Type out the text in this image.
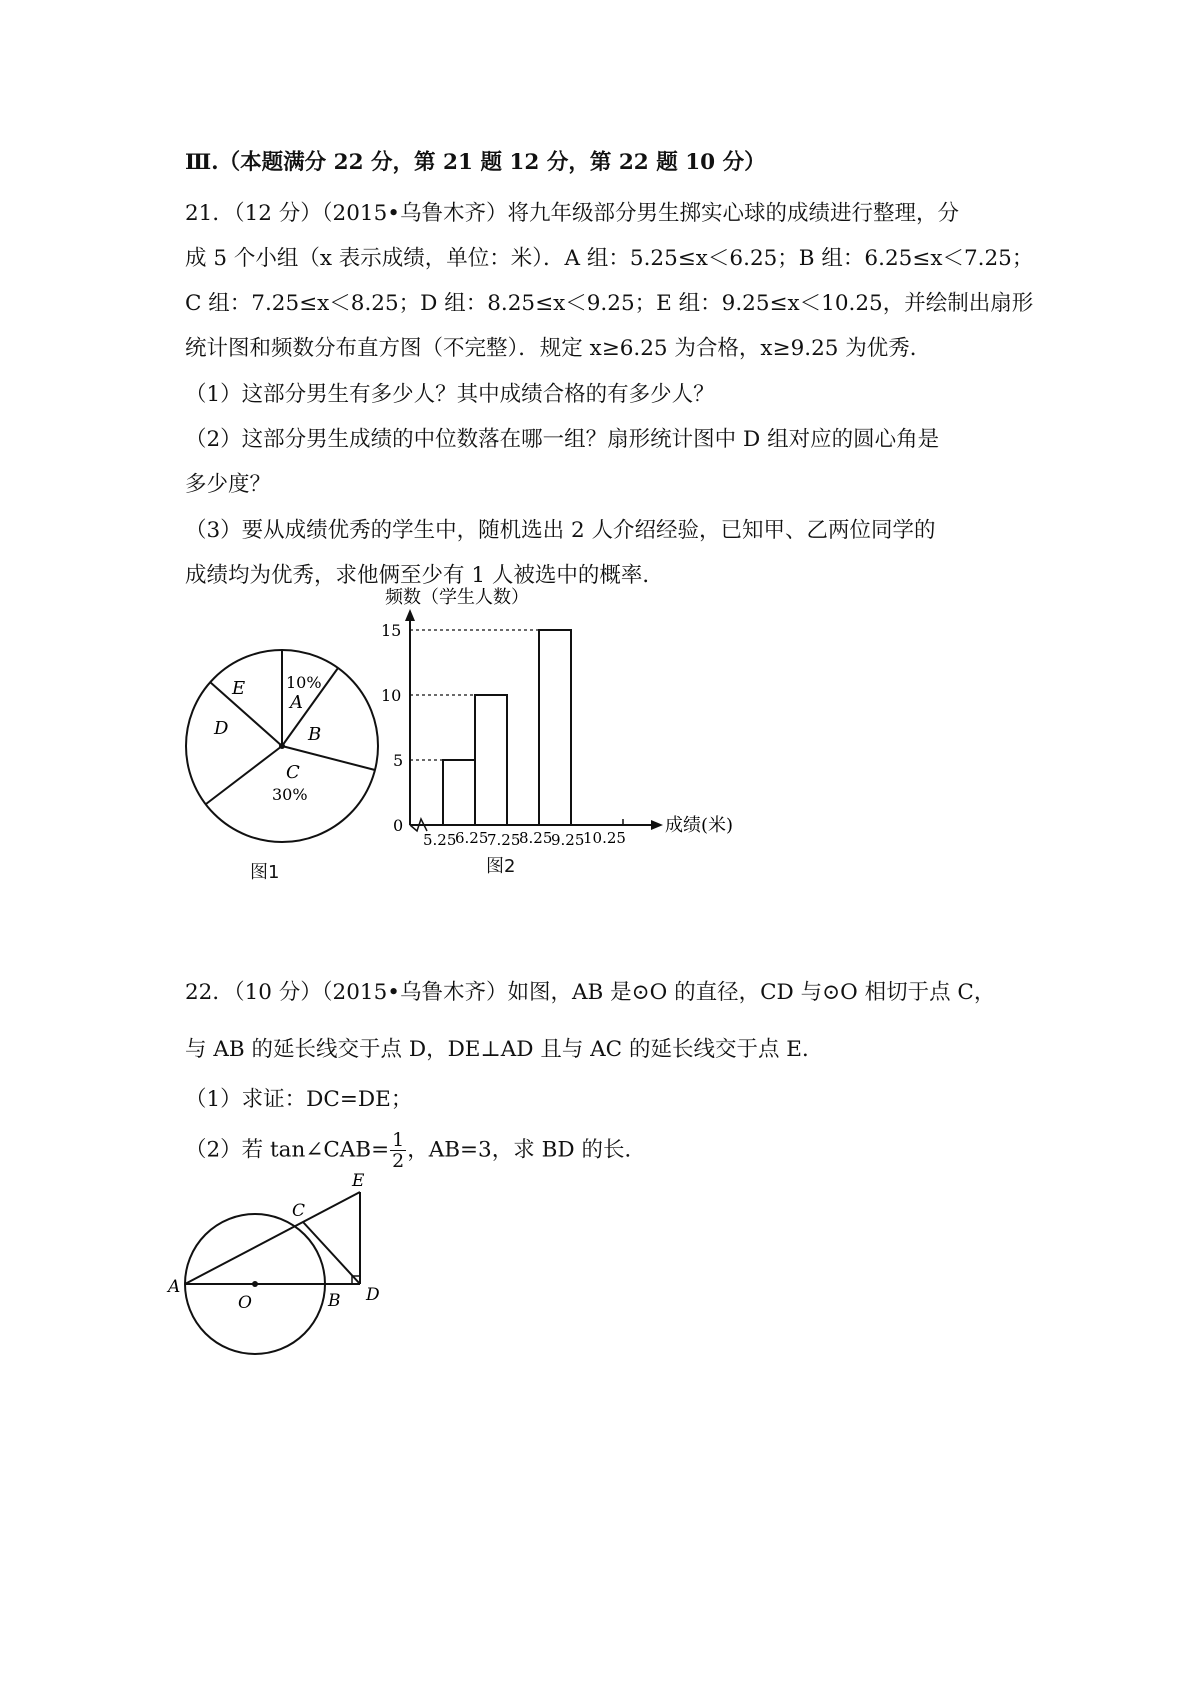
Ⅲ.（本题满分 22 分，第 21 题 12 分，第 22 题 10 分）
21．（12 分）（2015•乌鲁木齐）将九年级部分男生掷实心球的成绩进行整理，分
成 5 个小组（x 表示成绩，单位：米）．A 组：5.25≤x＜6.25；B 组：6.25≤x＜7.25；
C 组：7.25≤x＜8.25；D 组：8.25≤x＜9.25；E 组：9.25≤x＜10.25，并绘制出扇形
统计图和频数分布直方图（不完整）．规定 x≥6.25 为合格，x≥9.25 为优秀．
（1）这部分男生有多少人？其中成绩合格的有多少人？
（2）这部分男生成绩的中位数落在哪一组？扇形统计图中 D 组对应的圆心角是
多少度？
（3）要从成绩优秀的学生中，随机选出 2 人介绍经验，已知甲、乙两位同学的
成绩均为优秀，求他俩至少有 1 人被选中的概率．
E	10%
A
D	B
C
30%
图1
频数（学生人数）
0
5
10
15
5.25
6.25
7.25
8.25
9.25
10.25
成绩(米)
图2
22．（10 分）（2015•乌鲁木齐）如图，AB 是⊙O 的直径，CD 与⊙O 相切于点 C，
与 AB 的延长线交于点 D，DE⊥AD 且与 AC 的延长线交于点 E．
（1）求证：DC=DE；
（2）若 tan∠CAB= $\frac{1}{2}$ ，AB=3，求 BD 的长．
A
O	B D
C
E
